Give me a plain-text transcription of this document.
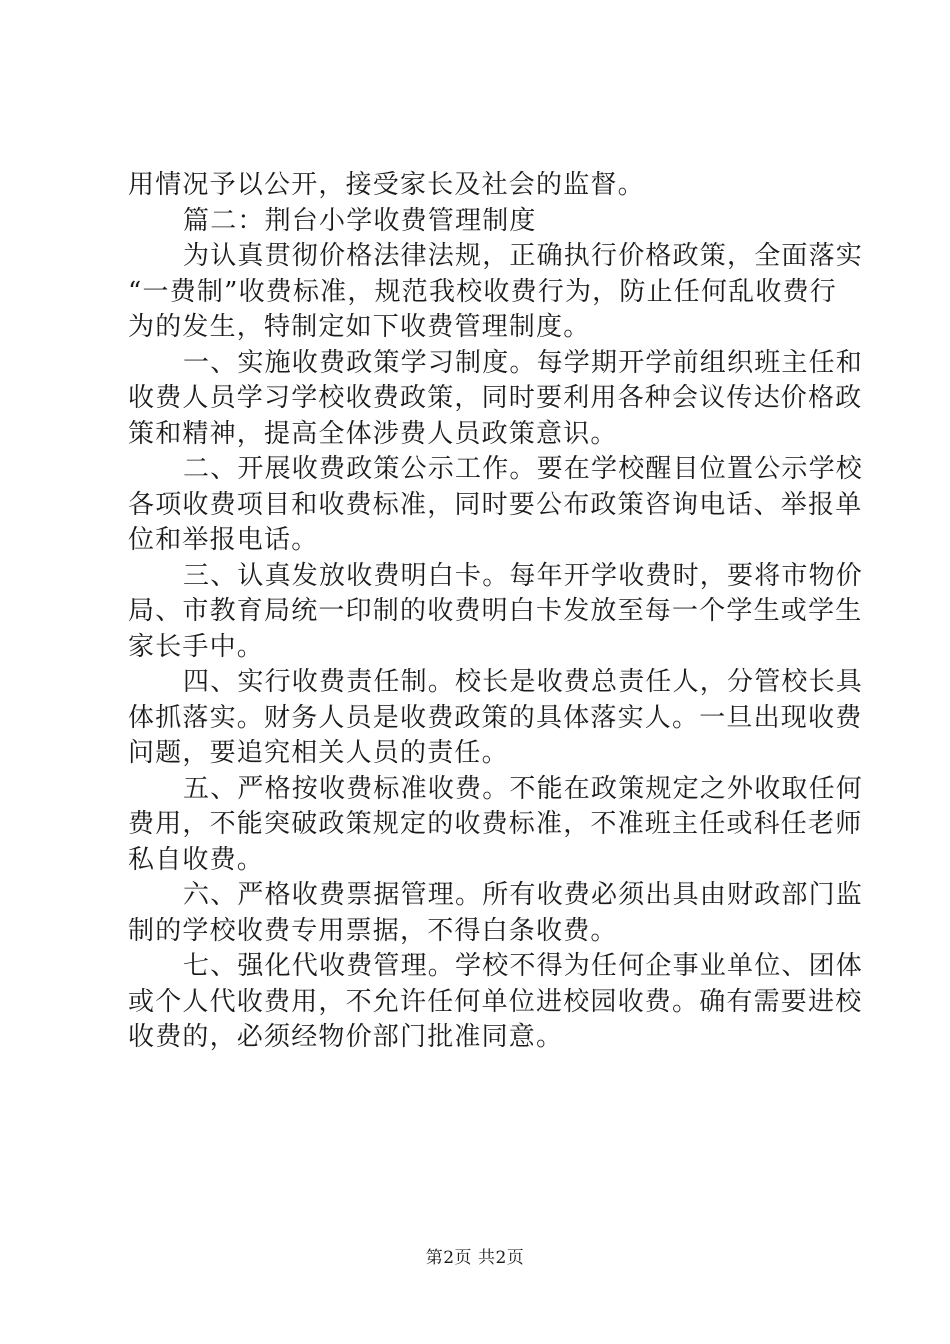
用情况予以公开，接受家长及社会的监督。
篇二：荆台小学收费管理制度
为认真贯彻价格法律法规，正确执行价格政策，全面落实
“一费制”收费标准，规范我校收费行为，防止任何乱收费行
为的发生，特制定如下收费管理制度。
一、实施收费政策学习制度。每学期开学前组织班主任和
收费人员学习学校收费政策，同时要利用各种会议传达价格政
策和精神，提高全体涉费人员政策意识。
二、开展收费政策公示工作。要在学校醒目位置公示学校
各项收费项目和收费标准，同时要公布政策咨询电话、举报单
位和举报电话。
三、认真发放收费明白卡。每年开学收费时，要将市物价
局、市教育局统一印制的收费明白卡发放至每一个学生或学生
家长手中。
四、实行收费责任制。校长是收费总责任人，分管校长具
体抓落实。财务人员是收费政策的具体落实人。一旦出现收费
问题，要追究相关人员的责任。
五、严格按收费标准收费。不能在政策规定之外收取任何
费用，不能突破政策规定的收费标准，不准班主任或科任老师
私自收费。
六、严格收费票据管理。所有收费必须出具由财政部门监
制的学校收费专用票据，不得白条收费。
七、强化代收费管理。学校不得为任何企事业单位、团体
或个人代收费用，不允许任何单位进校园收费。确有需要进校
收费的，必须经物价部门批准同意。
第2页 共2页
